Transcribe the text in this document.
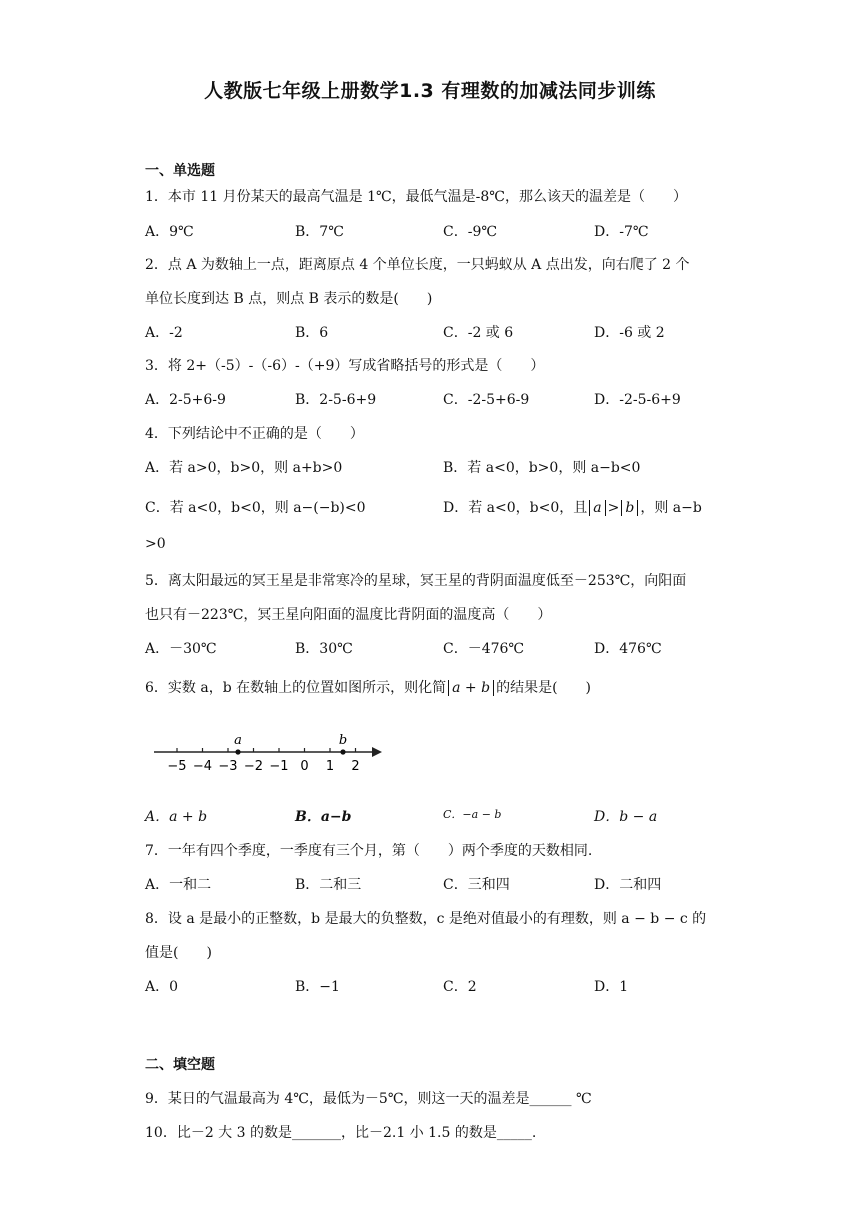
人教版七年级上册数学1.3 有理数的加减法同步训练
一、单选题
1．本市 11 月份某天的最高气温是 1℃，最低气温是-8℃，那么该天的温差是（　　）
A．9℃	B．7℃	C．-9℃	D．-7℃
2．点 A 为数轴上一点，距离原点 4 个单位长度，一只蚂蚁从 A 点出发，向右爬了 2 个
单位长度到达 B 点，则点 B 表示的数是(　　)
A．-2	B．6	C．-2 或 6	D．-6 或 2
3．将 2+（-5）-（-6）-（+9）写成省略括号的形式是（　　）
A．2-5+6-9	B．2-5-6+9	C．-2-5+6-9	D．-2-5-6+9
4．下列结论中不正确的是（　　）
A．若 a>0，b>0，则 a+b>0	B．若 a<0，b>0，则 a−b<0
C．若 a<0，b<0，则 a−(−b)<0	D．若 a<0，b<0，且 a > b ，则 a−b
>0
5．离太阳最远的冥王星是非常寒冷的星球，冥王星的背阴面温度低至－253℃，向阳面
也只有－223℃，冥王星向阳面的温度比背阴面的温度高（　　）
A．－30℃	B．30℃	C．－476℃	D．476℃
6．实数 a，b 在数轴上的位置如图所示，则化简 a + b 的结果是(　　)
−5 −4 −3 −2 −1 0 1 2
a	b
A．a + b	B．a−b	C．−a − b	D．b − a
7．一年有四个季度，一季度有三个月，第（　　）两个季度的天数相同.
A．一和二	B．二和三	C．三和四	D．二和四
8．设 a 是最小的正整数，b 是最大的负整数，c 是绝对值最小的有理数，则 a − b − c 的
值是(　　)
A．0	B．−1	C．2	D．1
二、填空题
9．某日的气温最高为 4℃，最低为－5℃，则这一天的温差是______ ℃
10．比－2 大 3 的数是_______，比－2.1 小 1.5 的数是_____.
